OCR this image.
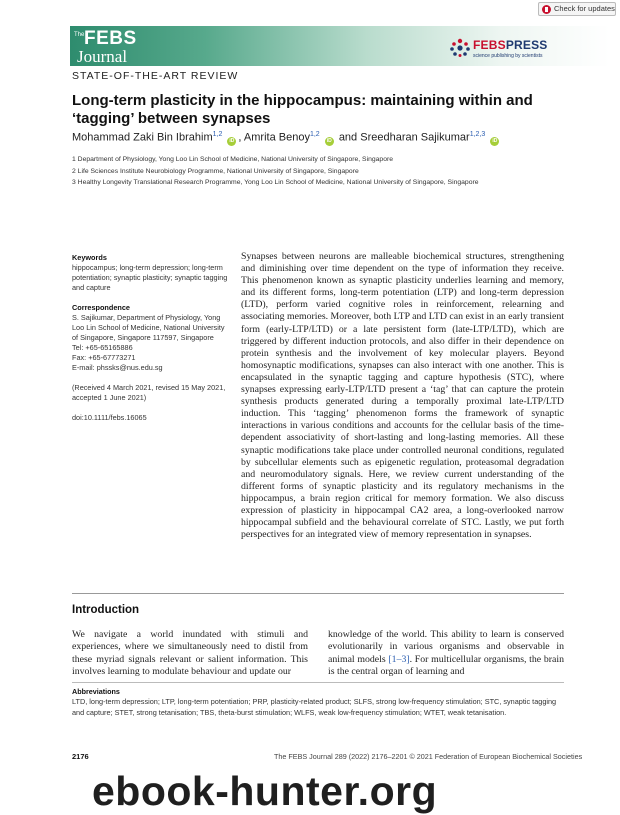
Check for updates
The FEBS
Journal
FEBSPRESS
science publishing by scientists
STATE-OF-THE-ART REVIEW
Long-term plasticity in the hippocampus: maintaining within and ‘tagging’ between synapses
Mohammad Zaki Bin Ibrahim$^{1,2}$ iD , Amrita Benoy$^{1,2}$ iD and Sreedharan Sajikumar$^{1,2,3}$ iD
1 Department of Physiology, Yong Loo Lin School of Medicine, National University of Singapore, Singapore
2 Life Sciences Institute Neurobiology Programme, National University of Singapore, Singapore
3 Healthy Longevity Translational Research Programme, Yong Loo Lin School of Medicine, National University of Singapore, Singapore

Keywords

hippocampus; long-term depression; long-term potentiation; synaptic plasticity; synaptic tagging and capture

Correspondence

S. Sajikumar, Department of Physiology, Yong Loo Lin School of Medicine, National University of Singapore, Singapore 117597, Singapore

Tel: +65-65165886

Fax: +65-67773271

E-mail: phssks@nus.edu.sg

(Received 4 March 2021, revised 15 May 2021, accepted 1 June 2021)

doi:10.1111/febs.16065

Synapses between neurons are malleable biochemical structures, strengthening and diminishing over time dependent on the type of information they receive. This phenomenon known as synaptic plasticity underlies learning and memory, and its different forms, long-term potentiation (LTP) and long-term depression (LTD), perform varied cognitive roles in reinforcement, relearning and associating memories. Moreover, both LTP and LTD can exist in an early transient form (early-LTP/LTD) or a late persistent form (late-LTP/LTD), which are triggered by different induction protocols, and also differ in their dependence on protein synthesis and the involvement of key molecular players. Beyond homosynaptic modifications, synapses can also interact with one another. This is encapsulated in the synaptic tagging and capture hypothesis (STC), where synapses expressing early-LTP/LTD present a ‘tag’ that can capture the protein synthesis products generated during a temporally proximal late-LTP/LTD induction. This ‘tagging’ phenomenon forms the framework of synaptic interactions in various conditions and accounts for the cellular basis of the time-dependent associativity of short-lasting and long-lasting memories. All these synaptic modifications take place under controlled neuronal conditions, regulated by subcellular elements such as epigenetic regulation, proteasomal degradation and neuromodulatory signals. Here, we review current understanding of the different forms of synaptic plasticity and its regulatory mechanisms in the hippocampus, a brain region critical for memory formation. We also discuss expression of plasticity in hippocampal CA2 area, a long-overlooked narrow hippocampal subfield and the behavioural correlate of STC. Lastly, we put forth perspectives for an integrated view of memory representation in synapses.
Introduction
We navigate a world inundated with stimuli and experiences, where we simultaneously need to distil from these myriad signals relevant or salient information. This involves learning to modulate behaviour and update our
knowledge of the world. This ability to learn is conserved evolutionarily in various organisms and observable in animal models [1–3]. For multicellular organisms, the brain is the central organ of learning and
Abbreviations
LTD, long-term depression; LTP, long-term potentiation; PRP, plasticity-related product; SLFS, strong low-frequency stimulation; STC, synaptic tagging and capture; STET, strong tetanisation; TBS, theta-burst stimulation; WLFS, weak low-frequency stimulation; WTET, weak tetanisation.
2176	The FEBS Journal 289 (2022) 2176–2201 © 2021 Federation of European Biochemical Societies
ebook-hunter.org
